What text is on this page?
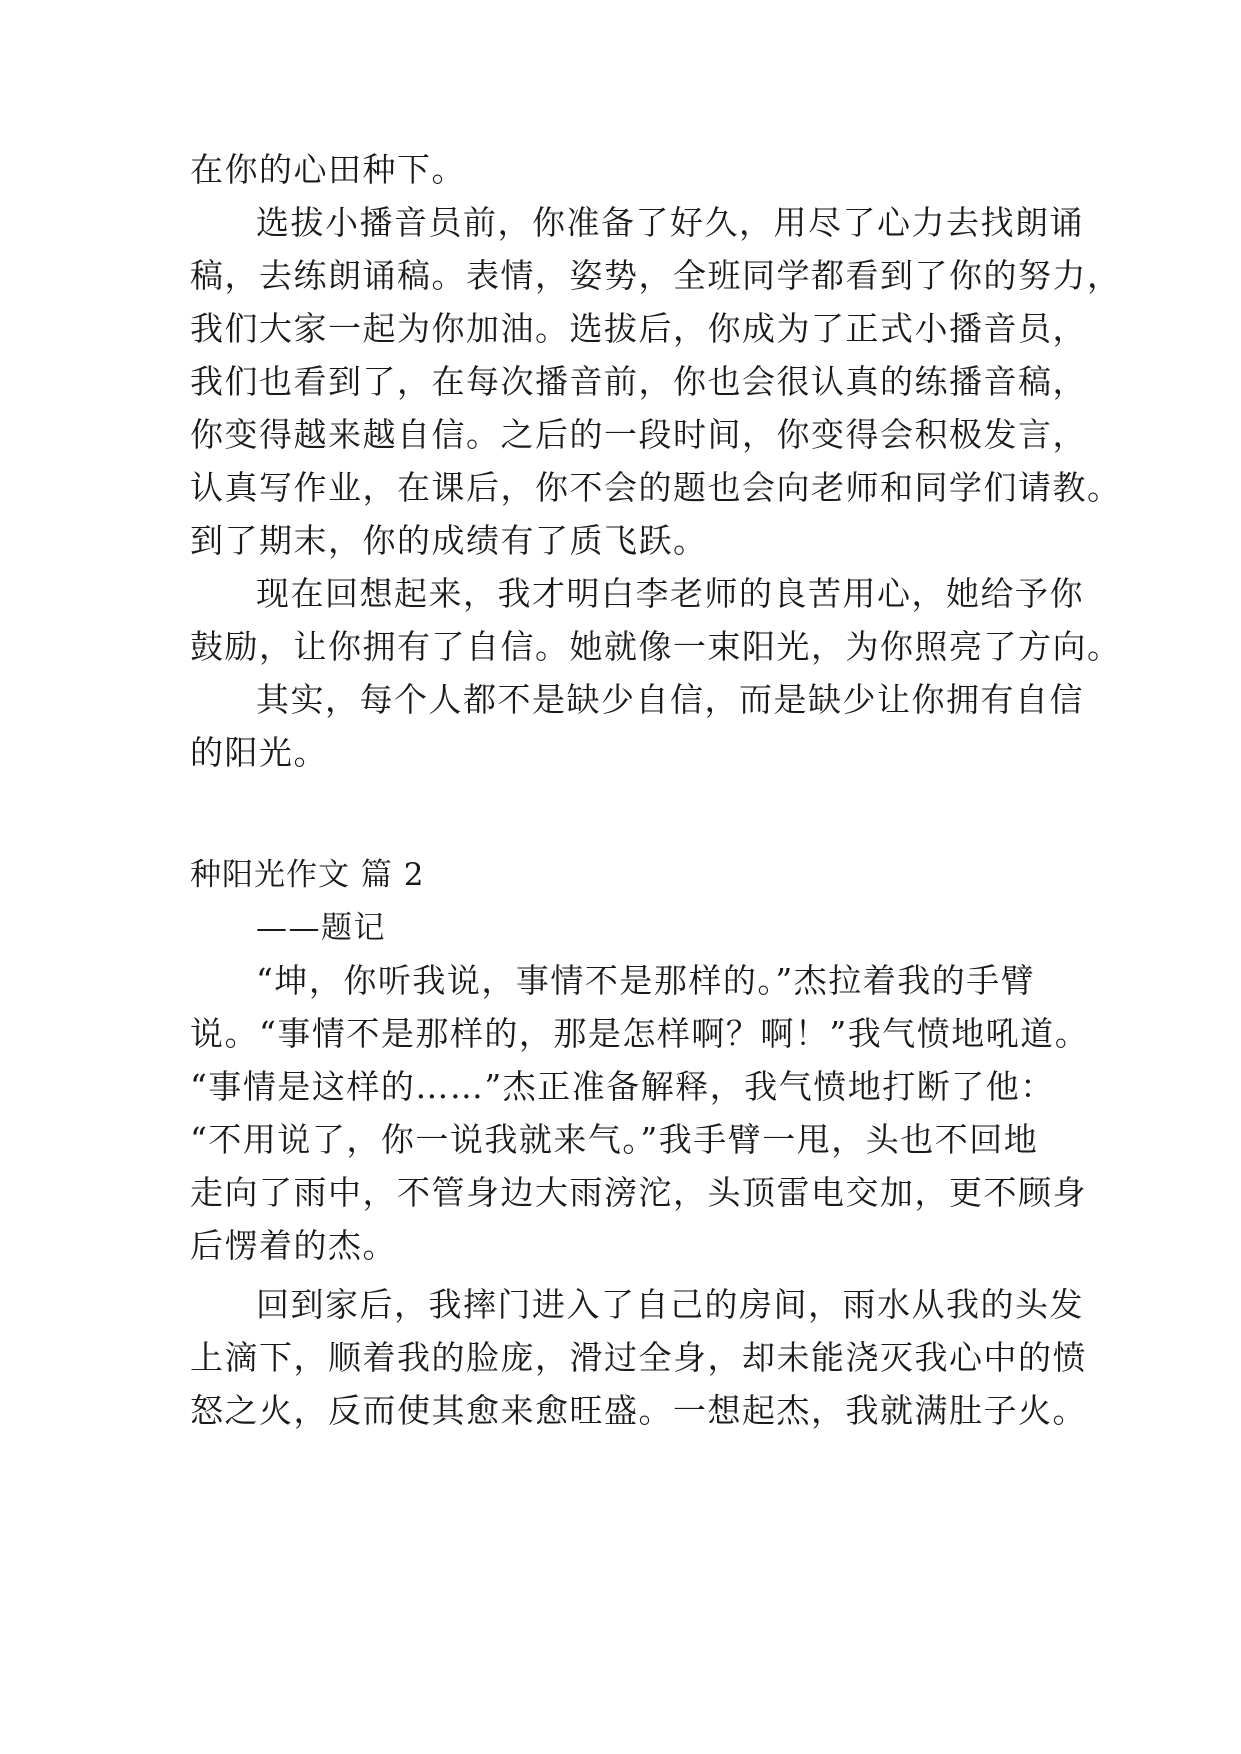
在你的心田种下。
选拔小播音员前，你准备了好久，用尽了心力去找朗诵
稿，去练朗诵稿。表情，姿势，全班同学都看到了你的努力，
我们大家一起为你加油。选拔后，你成为了正式小播音员，
我们也看到了，在每次播音前，你也会很认真的练播音稿，
你变得越来越自信。之后的一段时间，你变得会积极发言，
认真写作业，在课后，你不会的题也会向老师和同学们请教。
到了期末，你的成绩有了质飞跃。
现在回想起来，我才明白李老师的良苦用心，她给予你
鼓励，让你拥有了自信。她就像一束阳光，为你照亮了方向。
其实，每个人都不是缺少自信，而是缺少让你拥有自信
的阳光。
种阳光作文 篇 2
——题记
“坤，你听我说，事情不是那样的。”杰拉着我的手臂
说。“事情不是那样的，那是怎样啊？啊！”我气愤地吼道。
“事情是这样的……”杰正准备解释，我气愤地打断了他：
“不用说了，你一说我就来气。”我手臂一甩，头也不回地
走向了雨中，不管身边大雨滂沱，头顶雷电交加，更不顾身
后愣着的杰。
回到家后，我摔门进入了自己的房间，雨水从我的头发
上滴下，顺着我的脸庞，滑过全身，却未能浇灭我心中的愤
怒之火，反而使其愈来愈旺盛。一想起杰，我就满肚子火。
